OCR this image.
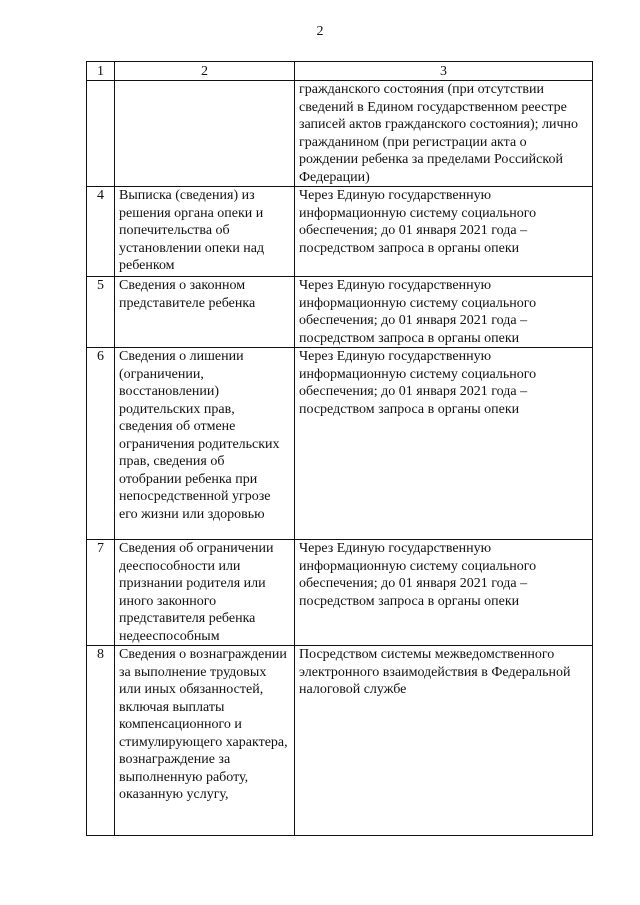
2
1	2	3
		гражданского состояния (при отсутствии сведений в Едином государственном реестре записей актов гражданского состояния); лично гражданином (при регистрации акта о рождении ребенка за пределами Российской Федерации)
4	Выписка (сведения) из решения органа опеки и попечительства об установлении опеки над ребенком	Через Единую государственную информационную систему социального обеспечения; до 01 января 2021 года – посредством запроса в органы опеки
5	Сведения о законном представителе ребенка	Через Единую государственную информационную систему социального обеспечения; до 01 января 2021 года – посредством запроса в органы опеки
6	Сведения о лишении (ограничении, восстановлении) родительских прав, сведения об отмене ограничения родительских прав, сведения об отобрании ребенка при непосредственной угрозе его жизни или здоровью	Через Единую государственную информационную систему социального обеспечения; до 01 января 2021 года – посредством запроса в органы опеки
7	Сведения об ограничении дееспособности или признании родителя или иного законного представителя ребенка недееспособным	Через Единую государственную информационную систему социального обеспечения; до 01 января 2021 года – посредством запроса в органы опеки
8	Сведения о вознаграждении за выполнение трудовых или иных обязанностей, включая выплаты компенсационного и стимулирующего характера, вознаграждение за выполненную работу, оказанную услугу,	Посредством системы межведомственного электронного взаимодействия в Федеральной налоговой службе
